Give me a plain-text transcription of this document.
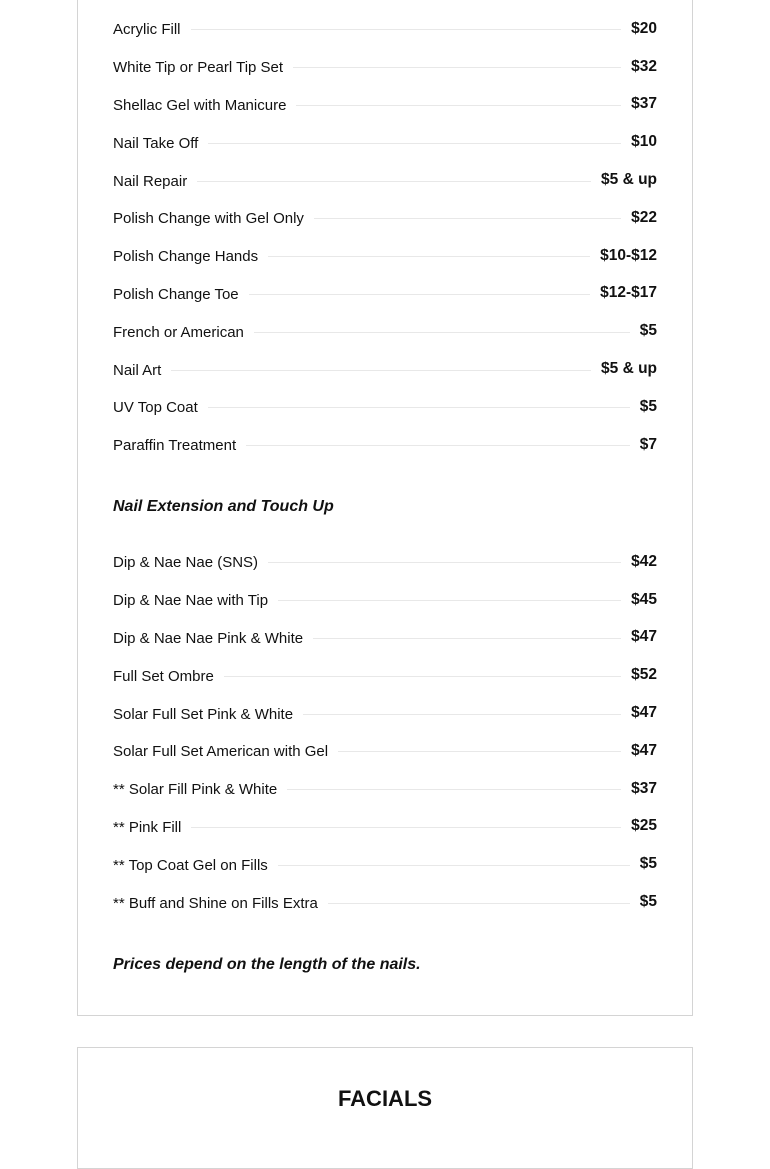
Acrylic Fill	$20
White Tip or Pearl Tip Set	$32
Shellac Gel with Manicure	$37
Nail Take Off	$10
Nail Repair	$5 & up
Polish Change with Gel Only	$22
Polish Change Hands	$10-$12
Polish Change Toe	$12-$17
French or American	$5
Nail Art	$5 & up
UV Top Coat	$5
Paraffin Treatment	$7
Nail Extension and Touch Up
Dip & Nae Nae (SNS)	$42
Dip & Nae Nae with Tip	$45
Dip & Nae Nae Pink & White	$47
Full Set Ombre	$52
Solar Full Set Pink & White	$47
Solar Full Set American with Gel	$47
** Solar Fill Pink & White	$37
** Pink Fill	$25
** Top Coat Gel on Fills	$5
** Buff and Shine on Fills Extra	$5
Prices depend on the length of the nails.
FACIALS
